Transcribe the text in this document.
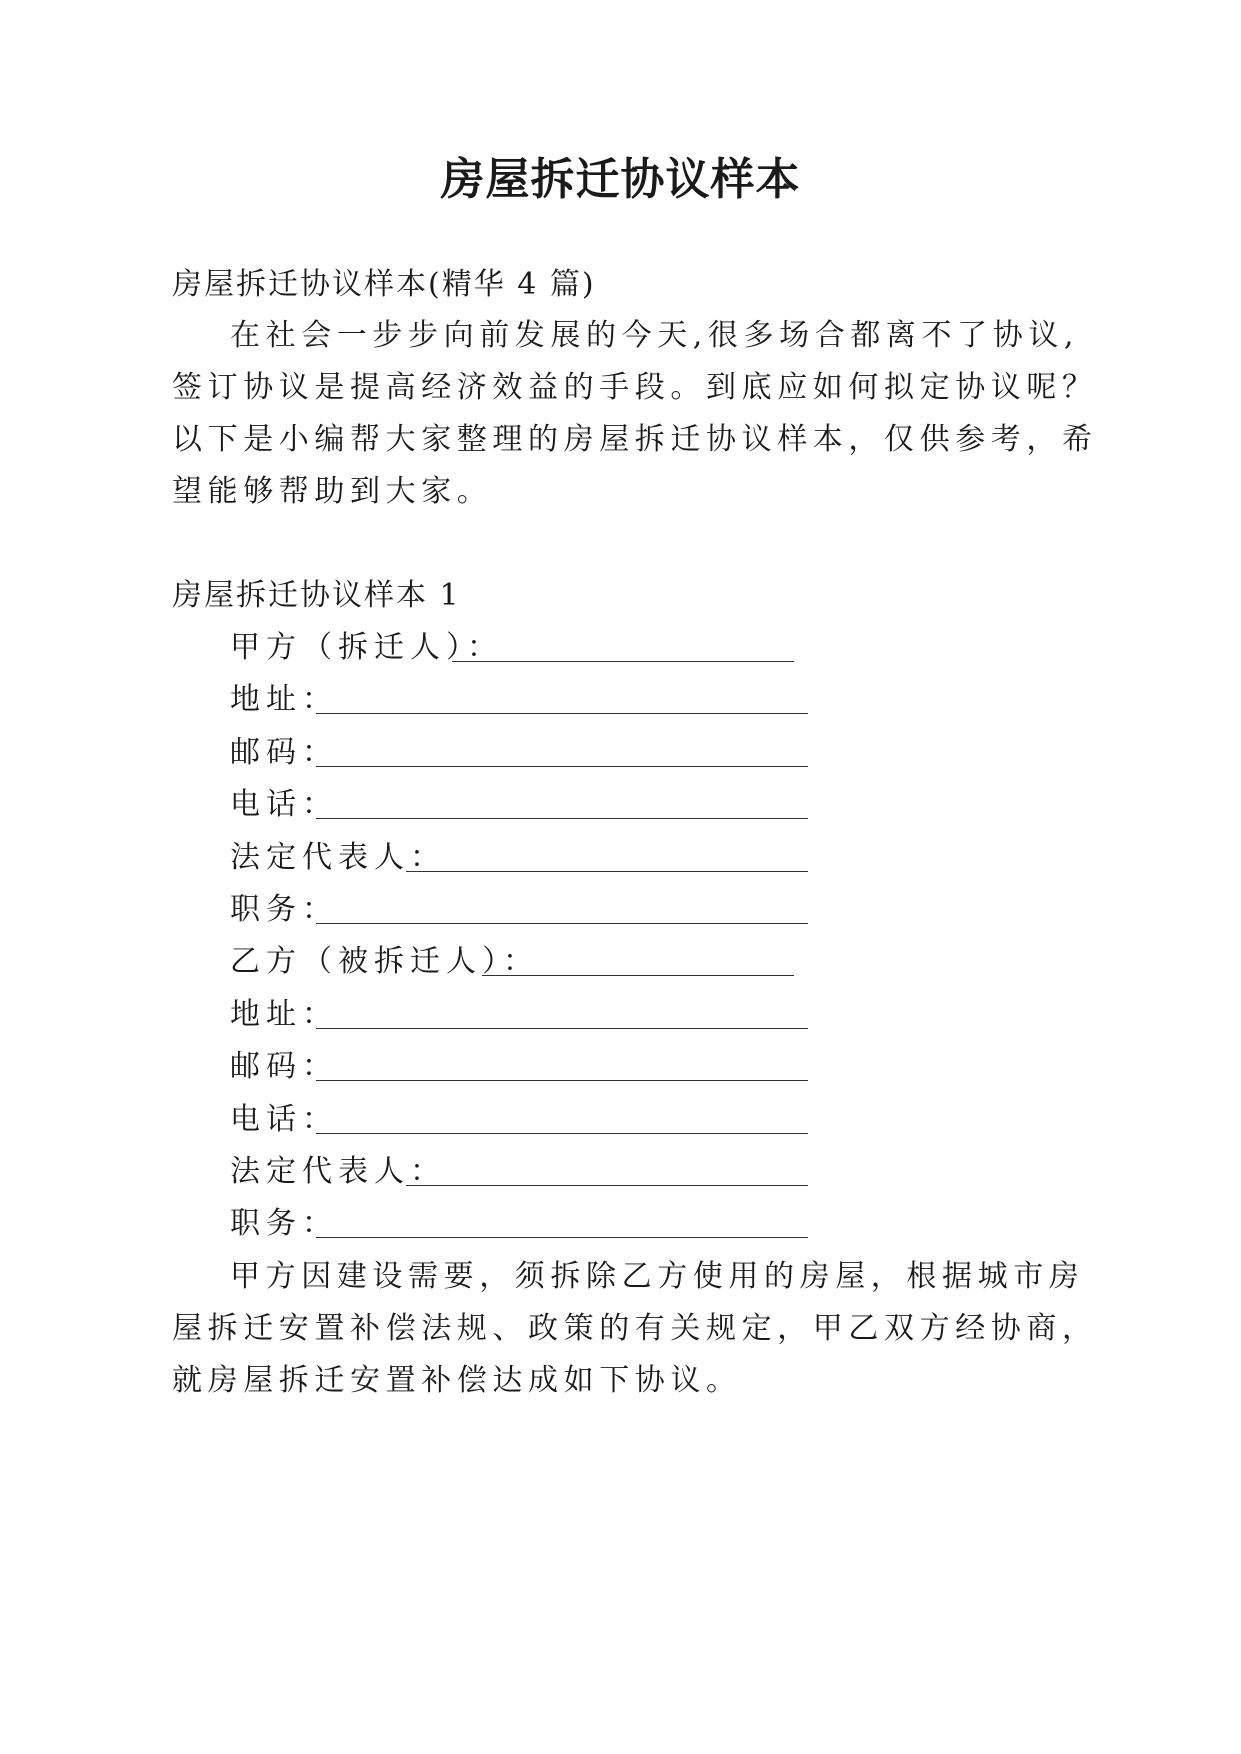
房屋拆迁协议样本
房屋拆迁协议样本(精华 4 篇)
在社会一步步向前发展的今天,很多场合都离不了协议,
签订协议是提高经济效益的手段。到底应如何拟定协议呢？
以下是小编帮大家整理的房屋拆迁协议样本，仅供参考，希
望能够帮助到大家。
房屋拆迁协议样本 1
甲方（拆迁人）：
地址：
邮码：
电话：
法定代表人：
职务：
乙方（被拆迁人）：
地址：
邮码：
电话：
法定代表人：
职务：
甲方因建设需要，须拆除乙方使用的房屋，根据城市房
屋拆迁安置补偿法规、政策的有关规定，甲乙双方经协商，
就房屋拆迁安置补偿达成如下协议。
